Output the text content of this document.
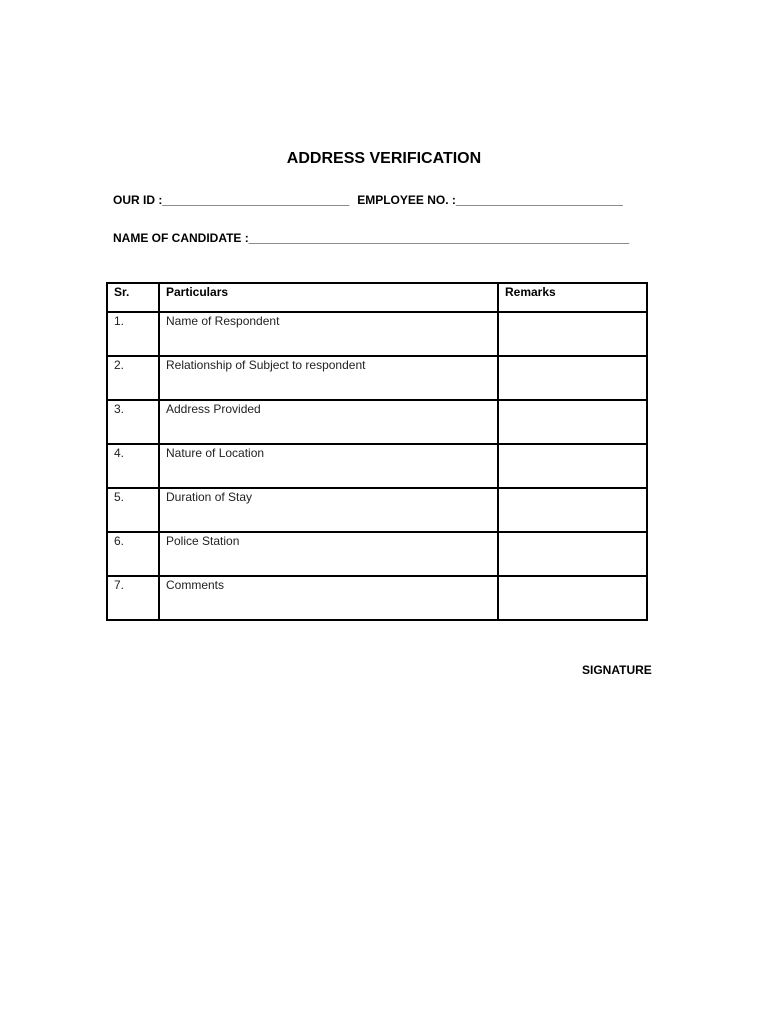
ADDRESS VERIFICATION
OUR ID :____________________________ EMPLOYEE NO. :_________________________
NAME OF CANDIDATE :_________________________________________________________
Sr.	Particulars	Remarks
1.	Name of Respondent	
2.	Relationship of Subject to respondent	
3.	Address Provided	
4.	Nature of Location	
5.	Duration of Stay	
6.	Police Station	
7.	Comments	
SIGNATURE
